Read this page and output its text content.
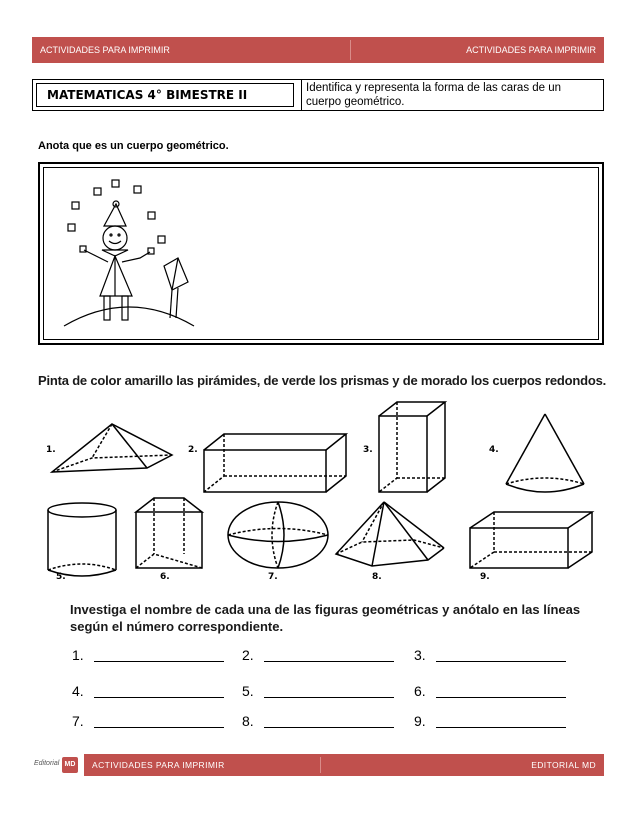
ACTIVIDADES PARA IMPRIMIR	ACTIVIDADES PARA IMPRIMIR
MATEMATICAS 4° BIMESTRE II	Identifica y representa la forma de las caras de un cuerpo geométrico.
Anota que es un cuerpo geométrico.
Pinta de color amarillo las pirámides, de verde los prismas y de morado los cuerpos redondos.
1.	2.	3.	4.
5.	6.	7.	8.	9.
Investiga el nombre de cada una de las figuras geométricas y anótalo en las líneas según el número correspondiente.
1.	2.	3.
4.	5.	6.
7.	8.	9.
Editorial MD	ACTIVIDADES PARA IMPRIMIR	EDITORIAL MD
